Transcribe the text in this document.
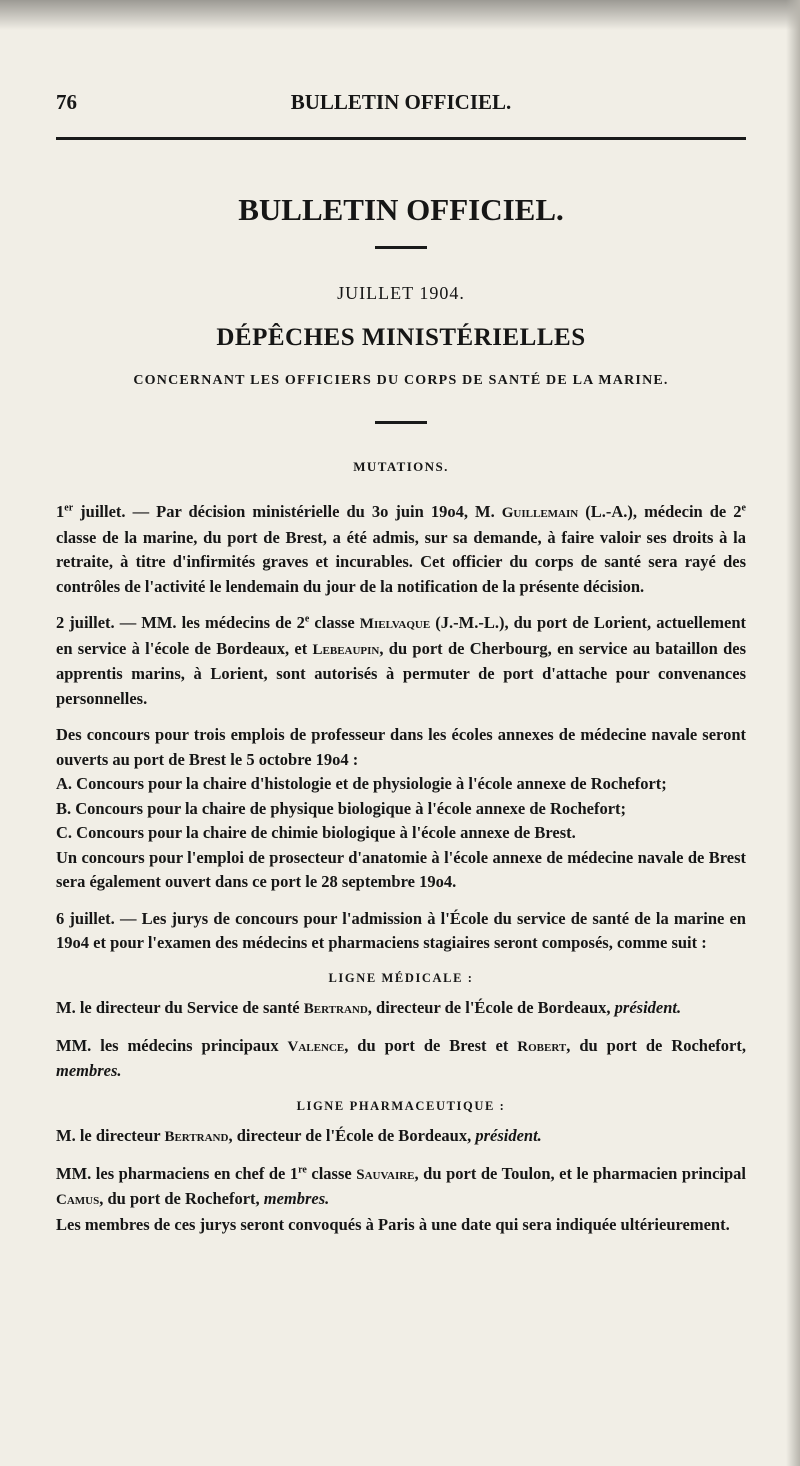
76	BULLETIN OFFICIEL.
BULLETIN OFFICIEL.
JUILLET 1904.
DÉPÊCHES MINISTÉRIELLES
CONCERNANT LES OFFICIERS DU CORPS DE SANTÉ DE LA MARINE.
MUTATIONS.

1er juillet. — Par décision ministérielle du 3o juin 19o4, M. Guillemain (L.-A.), médecin de 2e classe de la marine, du port de Brest, a été admis, sur sa demande, à faire valoir ses droits à la retraite, à titre d'infirmités graves et incurables. Cet officier du corps de santé sera rayé des contrôles de l'activité le lendemain du jour de la notification de la présente décision.

2 juillet. — MM. les médecins de 2e classe Mielvaque (J.-M.-L.), du port de Lorient, actuellement en service à l'école de Bordeaux, et Lebeaupin, du port de Cherbourg, en service au bataillon des apprentis marins, à Lorient, sont autorisés à permuter de port d'attache pour convenances personnelles.

Des concours pour trois emplois de professeur dans les écoles annexes de médecine navale seront ouverts au port de Brest le 5 octobre 19o4 :

A. Concours pour la chaire d'histologie et de physiologie à l'école annexe de Rochefort;

B. Concours pour la chaire de physique biologique à l'école annexe de Rochefort;

C. Concours pour la chaire de chimie biologique à l'école annexe de Brest.

Un concours pour l'emploi de prosecteur d'anatomie à l'école annexe de médecine navale de Brest sera également ouvert dans ce port le 28 septembre 19o4.

6 juillet. — Les jurys de concours pour l'admission à l'École du service de santé de la marine en 19o4 et pour l'examen des médecins et pharmaciens stagiaires seront composés, comme suit :

LIGNE MÉDICALE :

M. le directeur du Service de santé Bertrand, directeur de l'École de Bordeaux, président.

MM. les médecins principaux Valence, du port de Brest et Robert, du port de Rochefort, membres.

LIGNE PHARMACEUTIQUE :

M. le directeur Bertrand, directeur de l'École de Bordeaux, président.

MM. les pharmaciens en chef de 1re classe Sauvaire, du port de Toulon, et le pharmacien principal Camus, du port de Rochefort, membres.

Les membres de ces jurys seront convoqués à Paris à une date qui sera indiquée ultérieurement.
